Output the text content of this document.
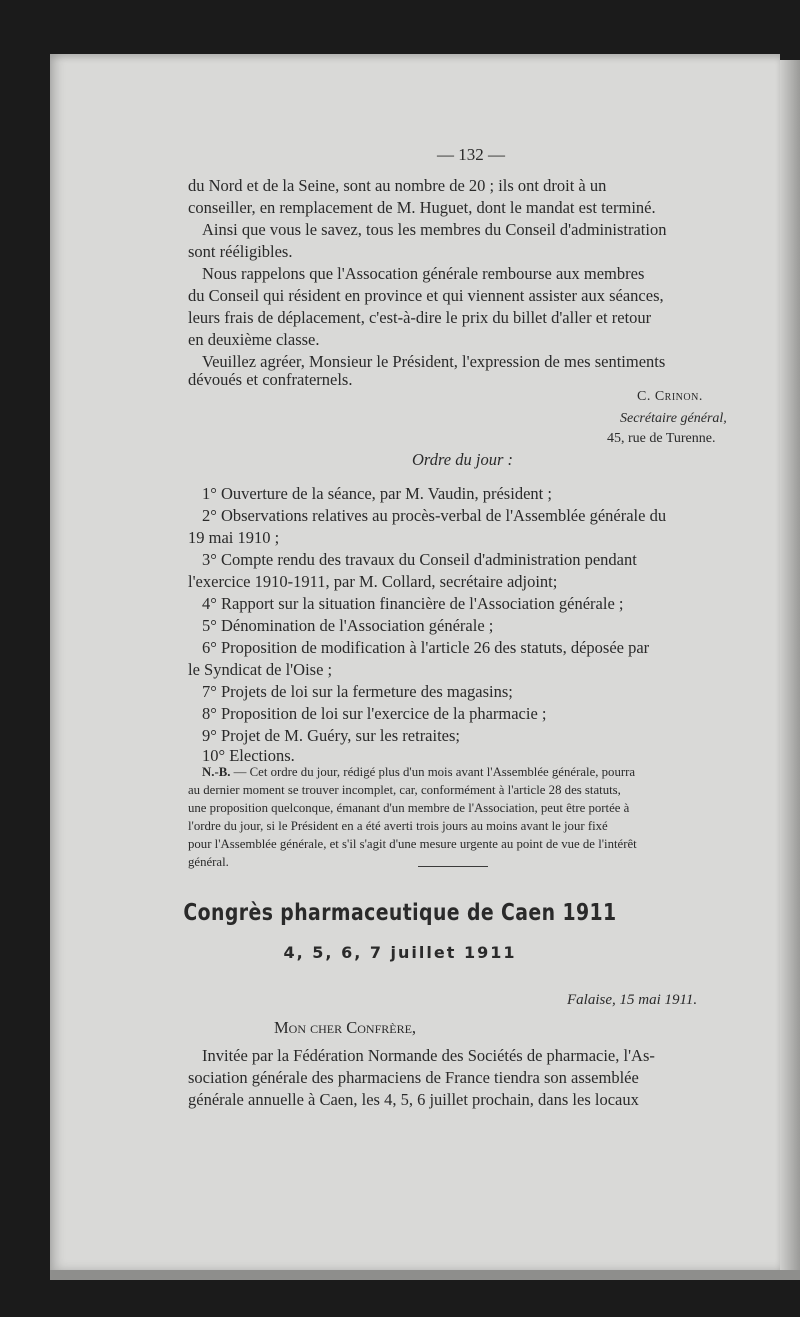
— 132 —
du Nord et de la Seine, sont au nombre de 20 ; ils ont droit à un
conseiller, en remplacement de M. Huguet, dont le mandat est terminé.
Ainsi que vous le savez, tous les membres du Conseil d'administration
sont rééligibles.
Nous rappelons que l'Assocation générale rembourse aux membres
du Conseil qui résident en province et qui viennent assister aux séances,
leurs frais de déplacement, c'est-à-dire le prix du billet d'aller et retour
en deuxième classe.
Veuillez agréer, Monsieur le Président, l'expression de mes sentiments
dévoués et confraternels.
C. Crinon.
Secrétaire général,
45, rue de Turenne.
Ordre du jour :
1° Ouverture de la séance, par M. Vaudin, président ;
2° Observations relatives au procès-verbal de l'Assemblée générale du
19 mai 1910 ;
3° Compte rendu des travaux du Conseil d'administration pendant
l'exercice 1910-1911, par M. Collard, secrétaire adjoint;
4° Rapport sur la situation financière de l'Association générale ;
5° Dénomination de l'Association générale ;
6° Proposition de modification à l'article 26 des statuts, déposée par
le Syndicat de l'Oise ;
7° Projets de loi sur la fermeture des magasins;
8° Proposition de loi sur l'exercice de la pharmacie ;
9° Projet de M. Guéry, sur les retraites;
10° Elections.
N.-B. — Cet ordre du jour, rédigé plus d'un mois avant l'Assemblée générale, pourra
au dernier moment se trouver incomplet, car, conformément à l'article 28 des statuts,
une proposition quelconque, émanant d'un membre de l'Association, peut être portée à
l'ordre du jour, si le Président en a été averti trois jours au moins avant le jour fixé
pour l'Assemblée générale, et s'il s'agit d'une mesure urgente au point de vue de l'intérêt
général.
Congrès pharmaceutique de Caen 1911
4, 5, 6, 7 juillet 1911
Falaise, 15 mai 1911.
Mon cher Confrère,
Invitée par la Fédération Normande des Sociétés de pharmacie, l'As-
sociation générale des pharmaciens de France tiendra son assemblée
générale annuelle à Caen, les 4, 5, 6 juillet prochain, dans les locaux
